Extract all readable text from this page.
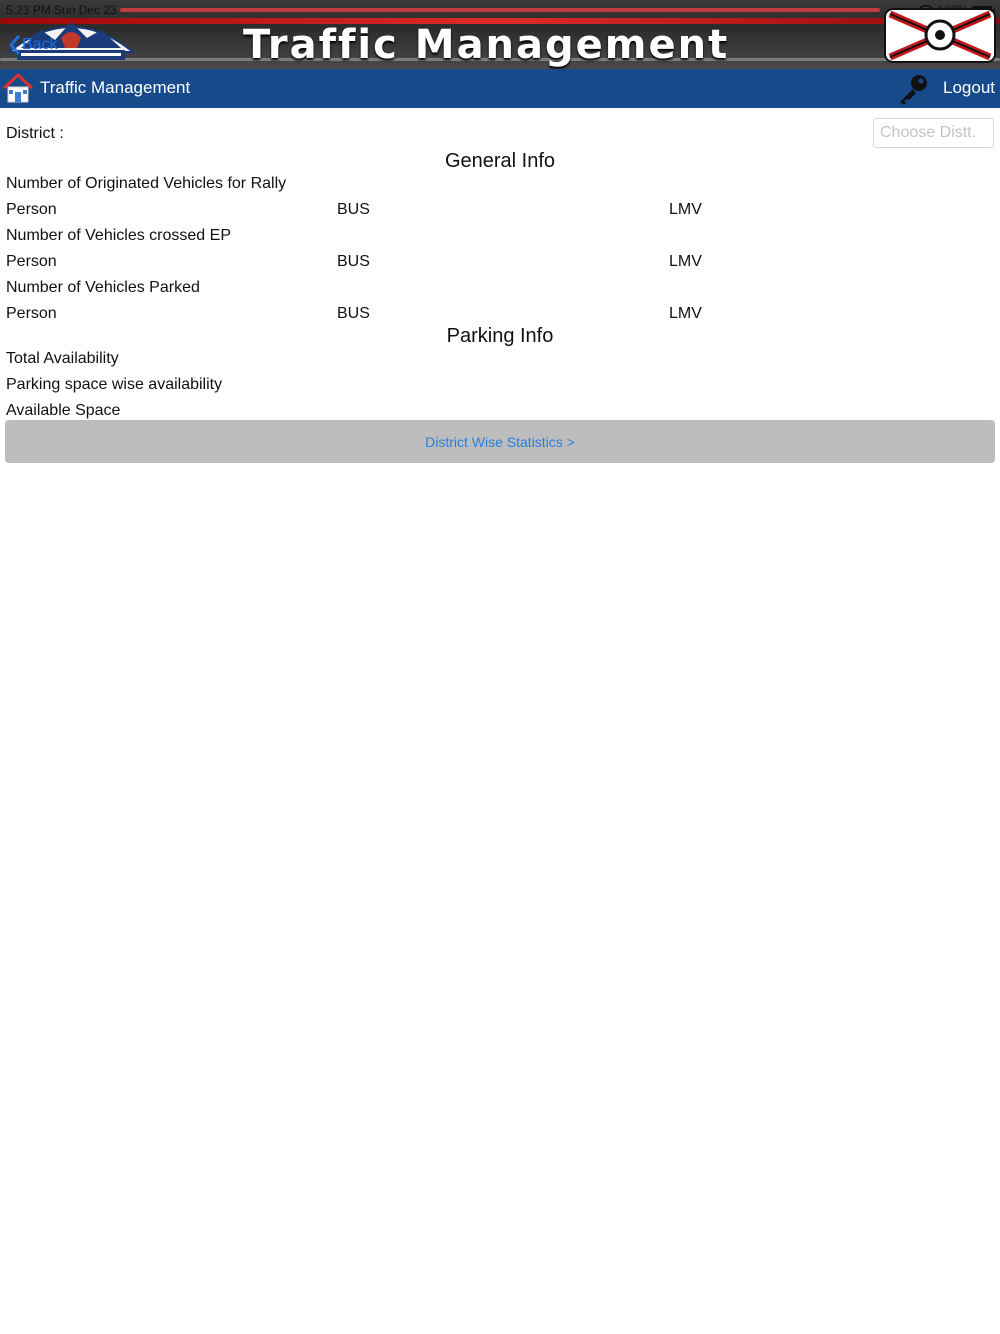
5:23 PM Sun Dec 23
Back	Traffic Management
Traffic Management	Logout
District :
Choose Distt.
General Info
Number of Originated Vehicles for Rally
Person	BUS	LMV
Number of Vehicles crossed EP
Person	BUS	LMV
Number of Vehicles Parked
Person	BUS	LMV
Parking Info
Total Availability
Parking space wise availability
Available Space
District Wise Statistics >
